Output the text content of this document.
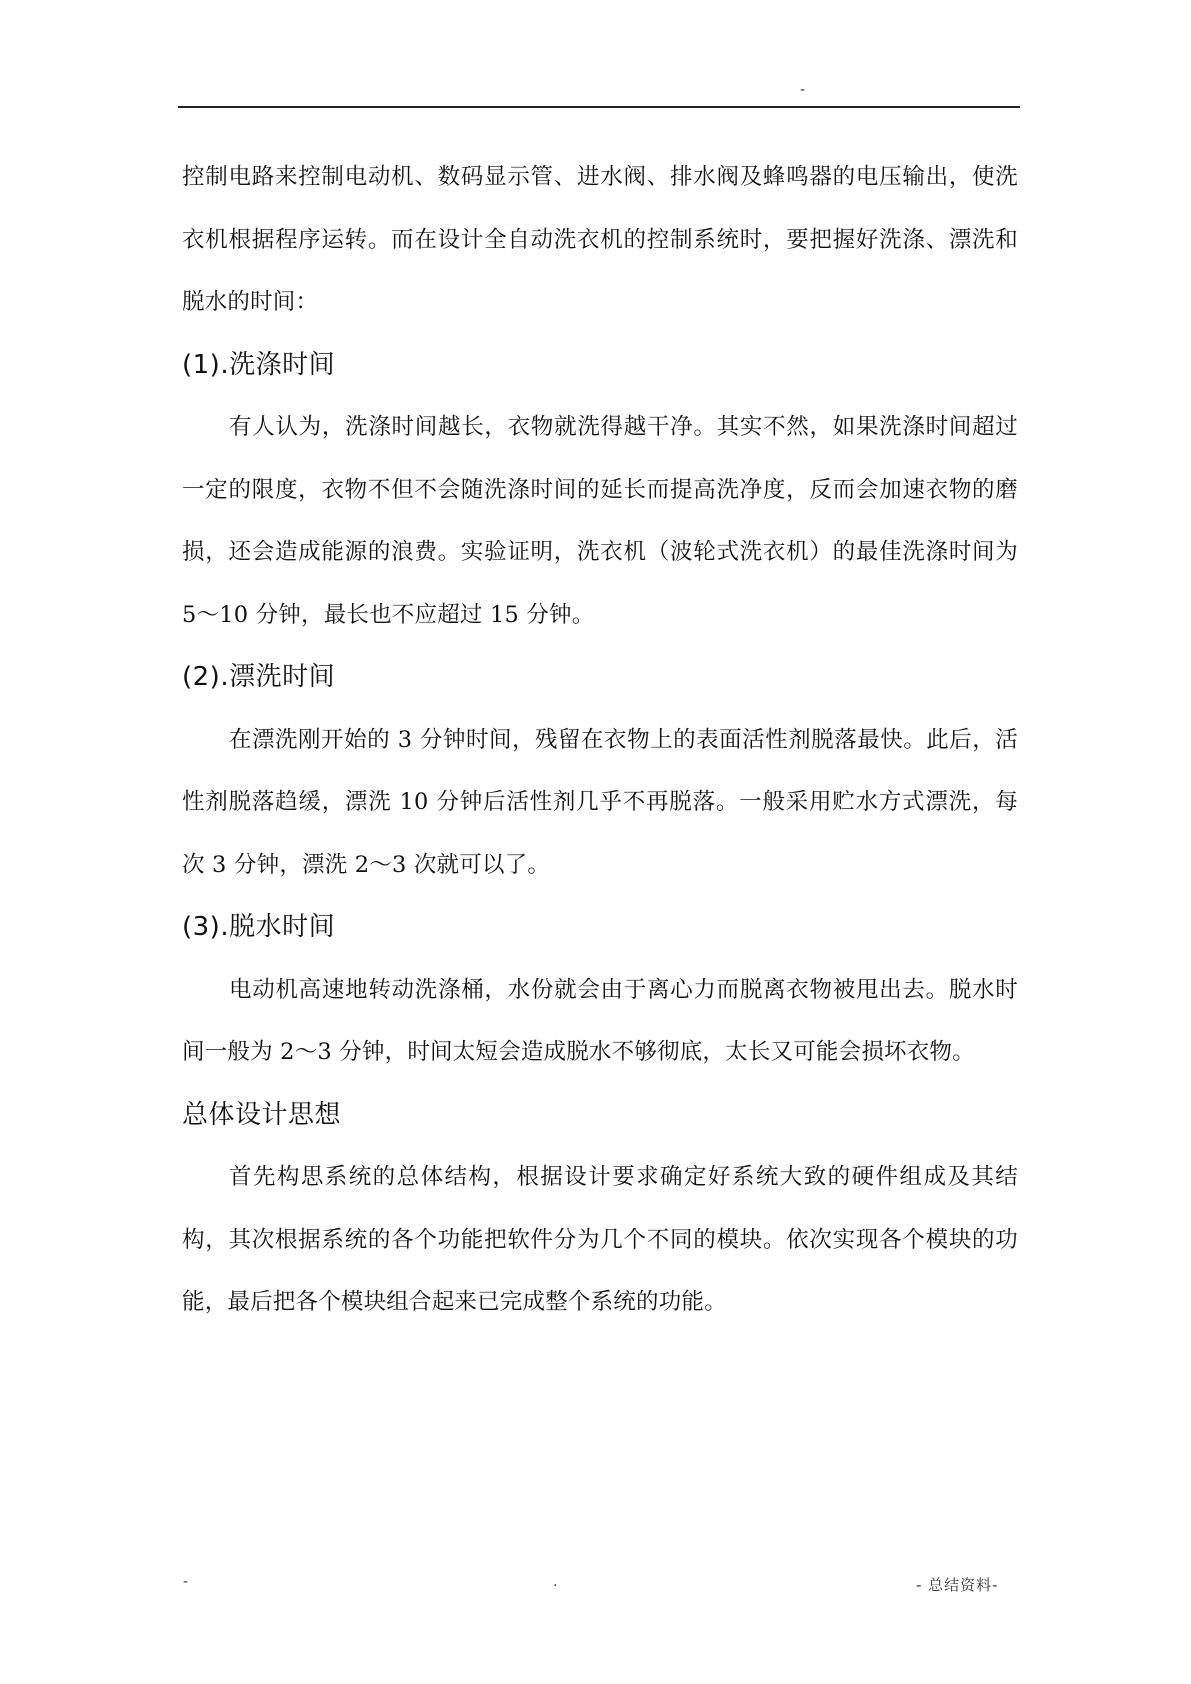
-

控制电路来控制电动机、数码显示管、进水阀、排水阀及蜂鸣器的电压输出，使洗衣机根据程序运转。而在设计全自动洗衣机的控制系统时，要把握好洗涤、漂洗和脱水的时间：

(1).洗涤时间

有人认为，洗涤时间越长，衣物就洗得越干净。其实不然，如果洗涤时间超过一定的限度，衣物不但不会随洗涤时间的延长而提高洗净度，反而会加速衣物的磨损，还会造成能源的浪费。实验证明，洗衣机（波轮式洗衣机）的最佳洗涤时间为 5～10 分钟，最长也不应超过 15 分钟。

(2).漂洗时间

在漂洗刚开始的 3 分钟时间，残留在衣物上的表面活性剂脱落最快。此后，活性剂脱落趋缓，漂洗 10 分钟后活性剂几乎不再脱落。一般采用贮水方式漂洗，每次 3 分钟，漂洗 2～3 次就可以了。

(3).脱水时间

电动机高速地转动洗涤桶，水份就会由于离心力而脱离衣物被甩出去。脱水时间一般为 2～3 分钟，时间太短会造成脱水不够彻底，太长又可能会损坏衣物。

总体设计思想

首先构思系统的总体结构，根据设计要求确定好系统大致的硬件组成及其结构，其次根据系统的各个功能把软件分为几个不同的模块。依次实现各个模块的功能，最后把各个模块组合起来已完成整个系统的功能。

-	.	- 总结资料-
